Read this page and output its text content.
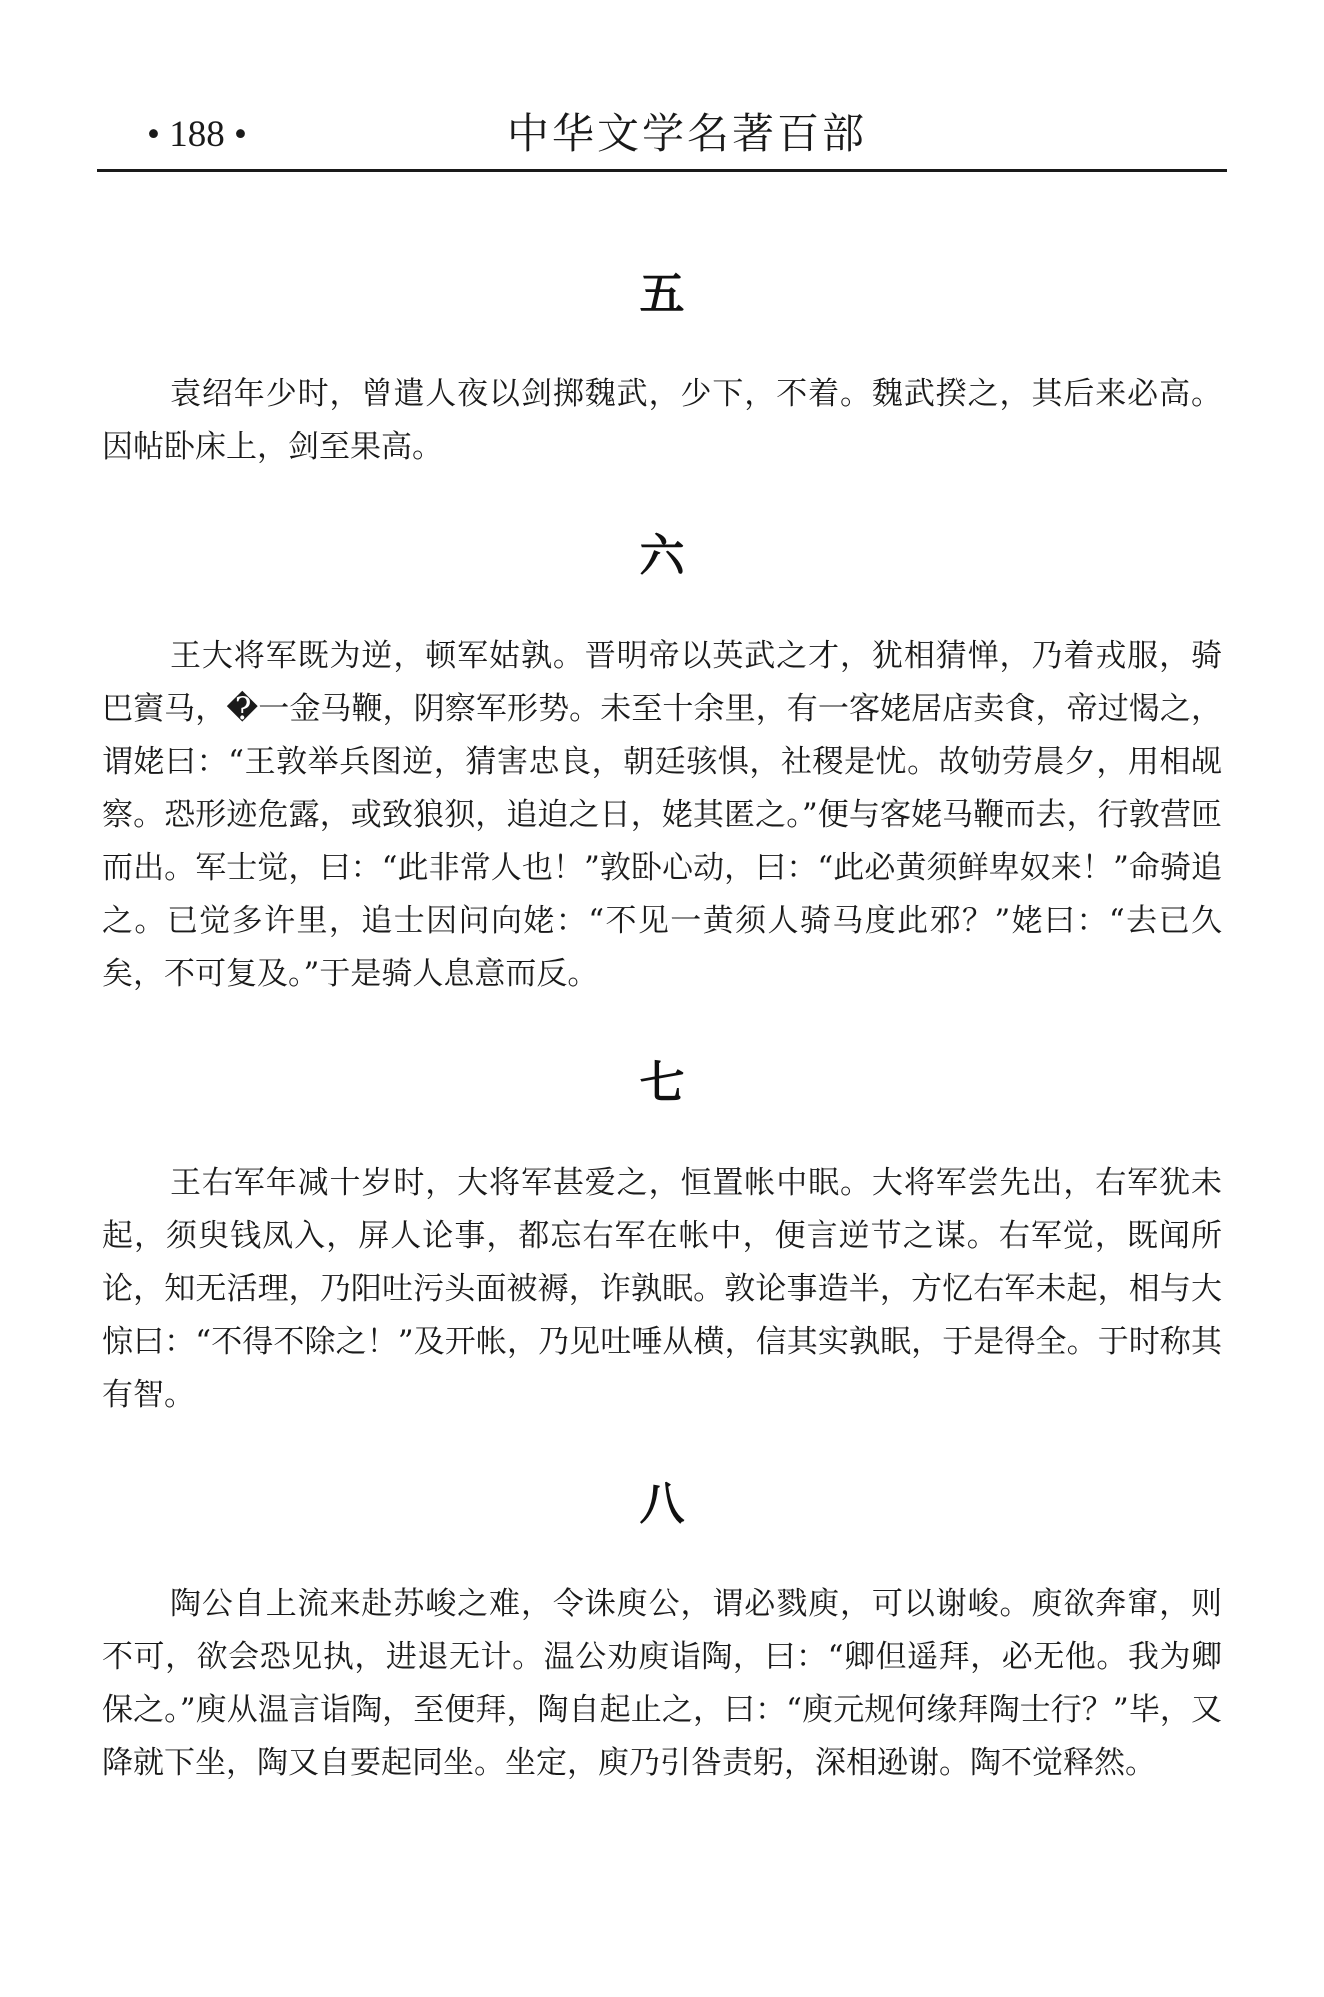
• 188 •	中华文学名著百部
五

袁绍年少时，曾遣人夜以剑掷魏武，少下，不着。魏武揆之，其后来必高。因帖卧床上，剑至果高。

六

王大将军既为逆，顿军姑孰。晋明帝以英武之才，犹相猜惮，乃着戎服，骑巴賨马，�一金马鞭，阴察军形势。未至十余里，有一客姥居店卖食，帝过愒之，谓姥曰：“王敦举兵图逆，猜害忠良，朝廷骇惧，社稷是忧。故劬劳晨夕，用相觇察。恐形迹危露，或致狼狈，追迫之日，姥其匿之。”便与客姥马鞭而去，行敦营匝而出。军士觉，曰：“此非常人也！”敦卧心动，曰：“此必黄须鲜卑奴来！”命骑追之。已觉多许里，追士因问向姥：“不见一黄须人骑马度此邪？”姥曰：“去已久矣，不可复及。”于是骑人息意而反。

七

王右军年减十岁时，大将军甚爱之，恒置帐中眠。大将军尝先出，右军犹未起，须臾钱凤入，屏人论事，都忘右军在帐中，便言逆节之谋。右军觉，既闻所论，知无活理，乃阳吐污头面被褥，诈孰眠。敦论事造半，方忆右军未起，相与大惊曰：“不得不除之！”及开帐，乃见吐唾从横，信其实孰眠，于是得全。于时称其有智。

八

陶公自上流来赴苏峻之难，令诛庾公，谓必戮庾，可以谢峻。庾欲奔窜，则不可，欲会恐见执，进退无计。温公劝庾诣陶，曰：“卿但遥拜，必无他。我为卿保之。”庾从温言诣陶，至便拜，陶自起止之，曰：“庾元规何缘拜陶士行？”毕，又降就下坐，陶又自要起同坐。坐定，庾乃引咎责躬，深相逊谢。陶不觉释然。
